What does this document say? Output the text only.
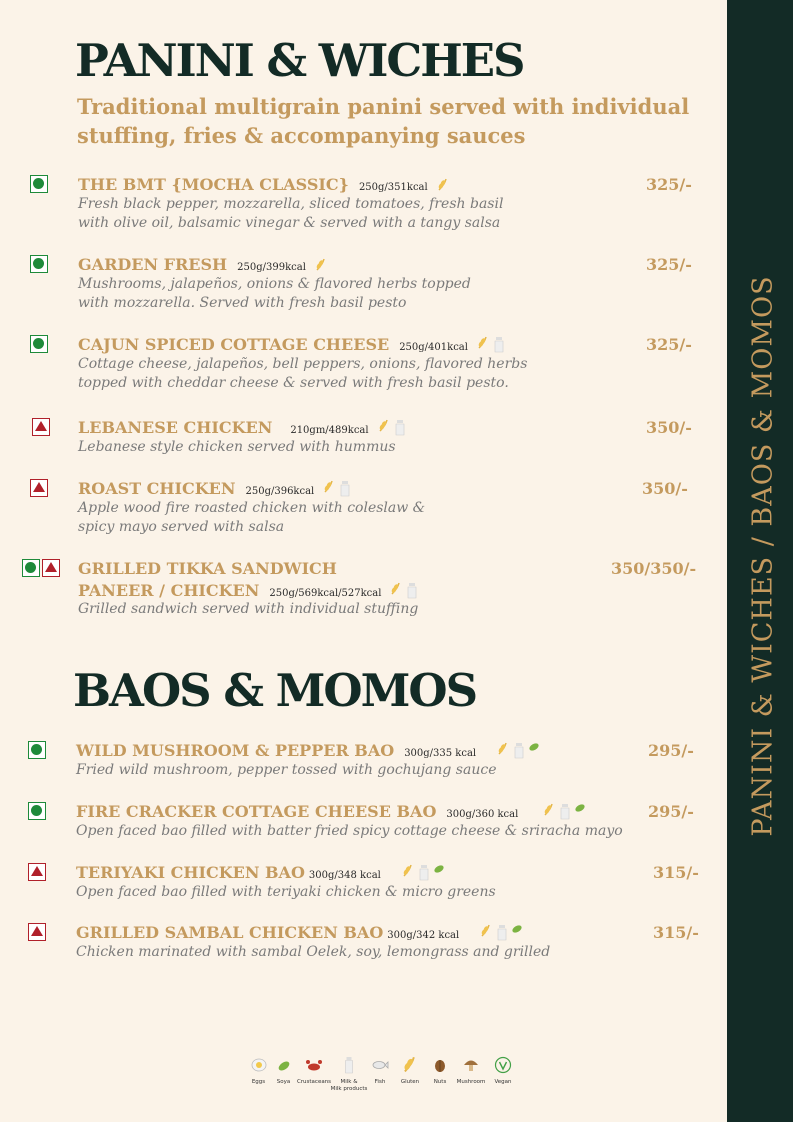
PANINI & WICHES / BAOS & MOMOS
PANINI & WICHES
Traditional multigrain panini served with individual stuffing, fries & accompanying sauces
THE BMT {MOCHA CLASSIC} 250g/351kcal
Fresh black pepper, mozzarella, sliced tomatoes, fresh basil
with olive oil, balsamic vinegar & served with a tangy salsa
325/-
GARDEN FRESH 250g/399kcal
Mushrooms, jalapeños, onions & flavored herbs topped
with mozzarella. Served with fresh basil pesto
325/-
CAJUN SPICED COTTAGE CHEESE 250g/401kcal
Cottage cheese, jalapeños, bell peppers, onions, flavored herbs
topped with cheddar cheese & served with fresh basil pesto.
325/-
LEBANESE CHICKEN 210gm/489kcal
Lebanese style chicken served with hummus
350/-
ROAST CHICKEN 250g/396kcal
Apple wood fire roasted chicken with coleslaw &
spicy mayo served with salsa
350/-
GRILLED TIKKA SANDWICH
PANEER / CHICKEN 250g/569kcal/527kcal
Grilled sandwich served with individual stuffing
350/350/-
BAOS & MOMOS
WILD MUSHROOM & PEPPER BAO 300g/335 kcal
Fried wild mushroom, pepper tossed with gochujang sauce
295/-
FIRE CRACKER COTTAGE CHEESE BAO 300g/360 kcal
Open faced bao filled with batter fried spicy cottage cheese & sriracha mayo
295/-
TERIYAKI CHICKEN BAO 300g/348 kcal
Open faced bao filled with teriyaki chicken & micro greens
315/-
GRILLED SAMBAL CHICKEN BAO 300g/342 kcal
Chicken marinated with sambal Oelek, soy, lemongrass and grilled
315/-
Eggs Soya Crustaceans	Milk &
Milk products
Fish	Gluten	Nuts Mushroom Vegan
